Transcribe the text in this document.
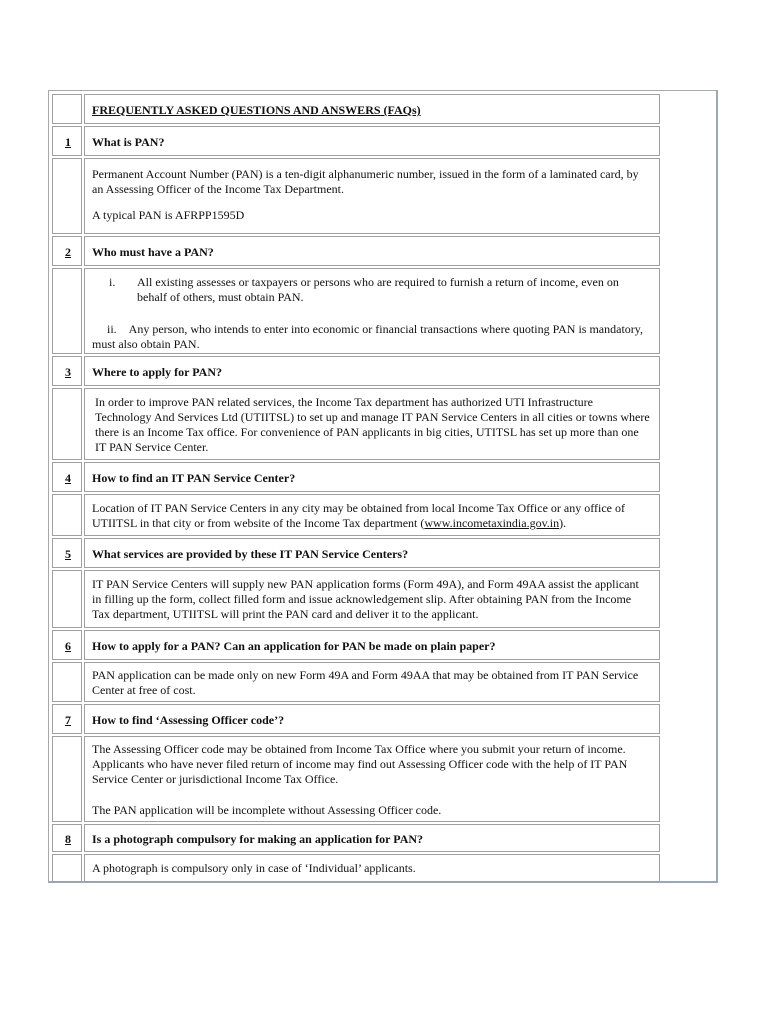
FREQUENTLY ASKED QUESTIONS AND ANSWERS (FAQs)
1	What is PAN?

Permanent Account Number (PAN) is a ten-digit alphanumeric number, issued in the form of a laminated card, by an Assessing Officer of the Income Tax Department.

A typical PAN is AFRPP1595D

2	Who must have a PAN?
i. All existing assesses or taxpayers or persons who are required to furnish a return of income, even on behalf of others, must obtain PAN.

ii. Any person, who intends to enter into economic or financial transactions where quoting PAN is mandatory, must also obtain PAN.

3	Where to apply for PAN?

In order to improve PAN related services, the Income Tax department has authorized UTI Infrastructure Technology And Services Ltd (UTIITSL) to set up and manage IT PAN Service Centers in all cities or towns where there is an Income Tax office. For convenience of PAN applicants in big cities, UTITSL has set up more than one IT PAN Service Center.

4	How to find an IT PAN Service Center?

Location of IT PAN Service Centers in any city may be obtained from local Income Tax Office or any office of UTIITSL in that city or from website of the Income Tax department (www.incometaxindia.gov.in).

5	What services are provided by these IT PAN Service Centers?

IT PAN Service Centers will supply new PAN application forms (Form 49A), and Form 49AA assist the applicant in filling up the form, collect filled form and issue acknowledgement slip. After obtaining PAN from the Income Tax department, UTIITSL will print the PAN card and deliver it to the applicant.

6	How to apply for a PAN? Can an application for PAN be made on plain paper?

PAN application can be made only on new Form 49A and Form 49AA that may be obtained from IT PAN Service Center at free of cost.

7	How to find ‘Assessing Officer code’?

The Assessing Officer code may be obtained from Income Tax Office where you submit your return of income. Applicants who have never filed return of income may find out Assessing Officer code with the help of IT PAN Service Center or jurisdictional Income Tax Office.

The PAN application will be incomplete without Assessing Officer code.

8	Is a photograph compulsory for making an application for PAN?

A photograph is compulsory only in case of ‘Individual’ applicants.
